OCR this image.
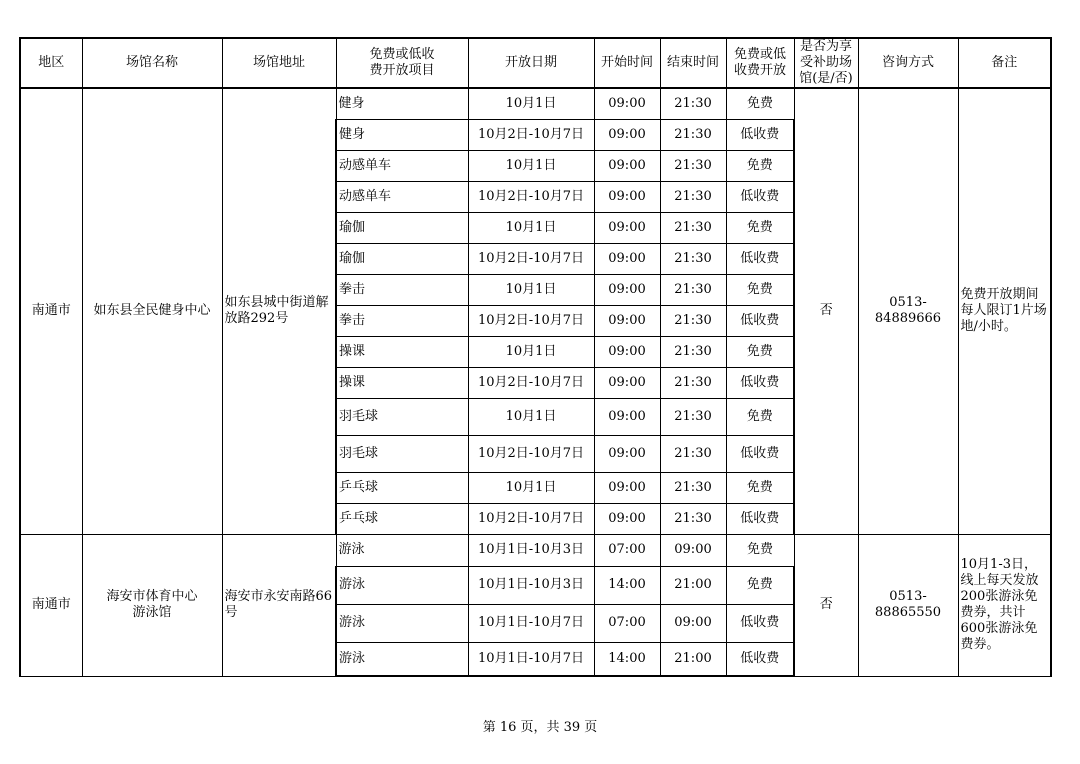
地区	场馆名称	场馆地址	免费或低收费开放项目	开放日期	开始时间	结束时间	免费或低收费开放	是否为享受补助场馆(是/否)	咨询方式	备注
南通市	如东县全民健身中心	如东县城中街道解放路292号	健身	10月1日	09:00	21:30	免费	否	0513-84889666	免费开放期间每人限订1片场地/小时。
			健身	10月2日-10月7日	09:00	21:30	低收费			
			动感单车	10月1日	09:00	21:30	免费			
			动感单车	10月2日-10月7日	09:00	21:30	低收费			
			瑜伽	10月1日	09:00	21:30	免费			
			瑜伽	10月2日-10月7日	09:00	21:30	低收费			
			拳击	10月1日	09:00	21:30	免费			
			拳击	10月2日-10月7日	09:00	21:30	低收费			
			操课	10月1日	09:00	21:30	免费			
			操课	10月2日-10月7日	09:00	21:30	低收费			
			羽毛球	10月1日	09:00	21:30	免费			
			羽毛球	10月2日-10月7日	09:00	21:30	低收费			
			乒乓球	10月1日	09:00	21:30	免费			
			乒乓球	10月2日-10月7日	09:00	21:30	低收费			
南通市	海安市体育中心游泳馆	海安市永安南路66号	游泳	10月1日-10月3日	07:00	09:00	免费	否	0513-88865550	10月1-3日，线上每天发放200张游泳免费券，共计600张游泳免费券。
			游泳	10月1日-10月3日	14:00	21:00	免费			
			游泳	10月1日-10月7日	07:00	09:00	低收费			
			游泳	10月1日-10月7日	14:00	21:00	低收费			
第 16 页，共 39 页
